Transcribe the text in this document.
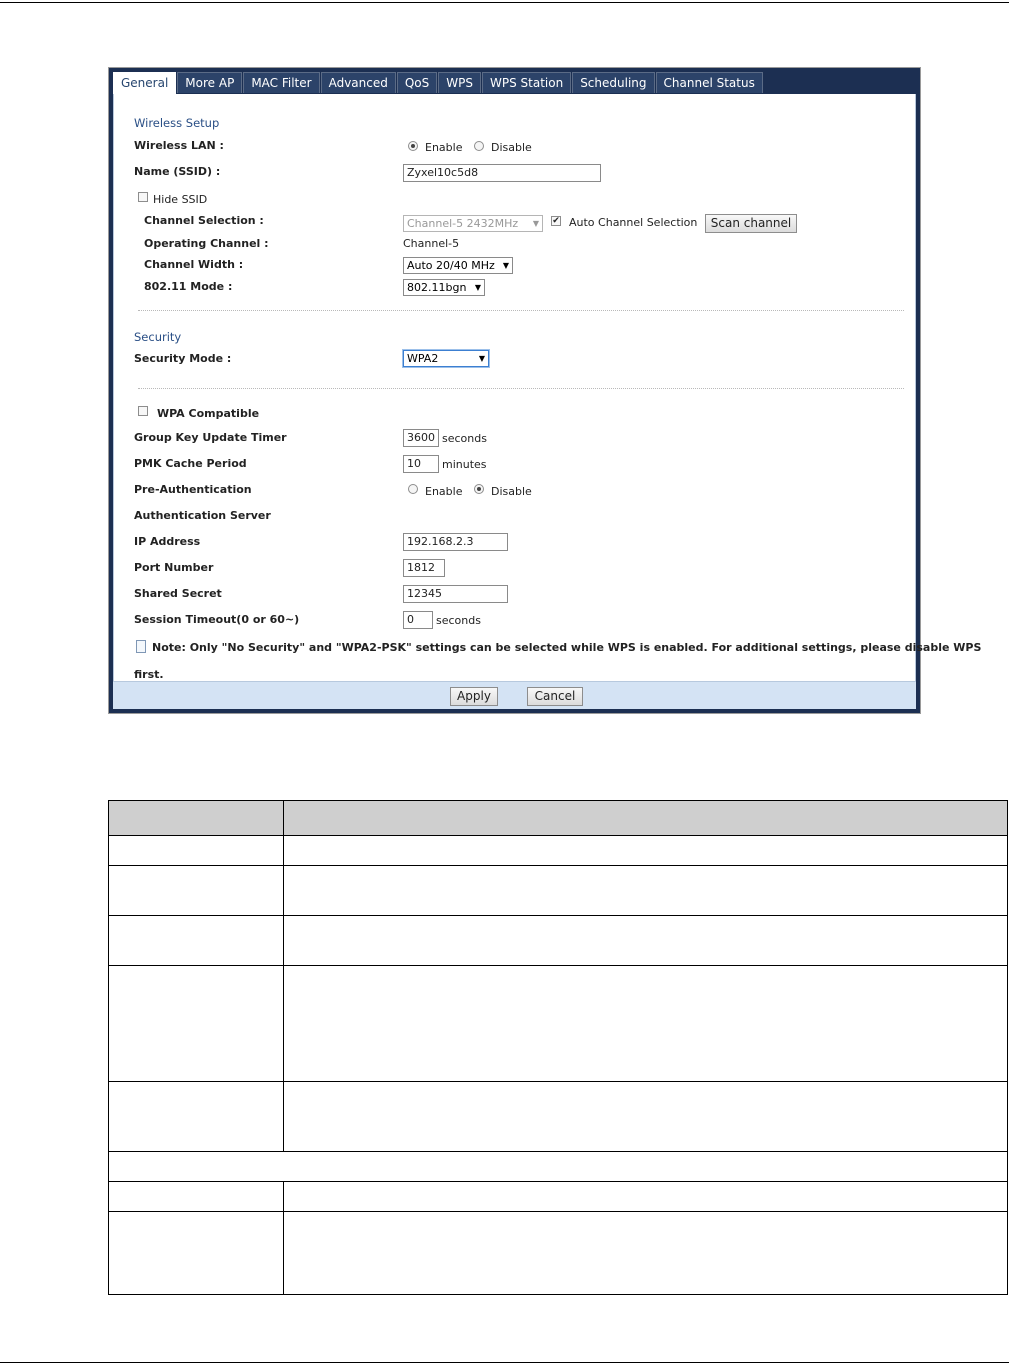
General	More AP	MAC Filter	Advanced	QoS	WPS	WPS Station	Scheduling	Channel Status
Wireless Setup
Wireless LAN :	Enable	Disable
Name (SSID) :	Zyxel10c5d8
Hide SSID
Channel Selection :	Channel-5 2432MHz ▼ ✔ Auto Channel Selection	Scan channel
Operating Channel :	Channel-5
Channel Width :	Auto 20/40 MHz ▼
802.11 Mode :	802.11bgn ▼
Security
Security Mode :	WPA2	▼
WPA Compatible
Group Key Update Timer	3600 seconds
PMK Cache Period	10	minutes
Pre-Authentication	Enable	Disable
Authentication Server
IP Address	192.168.2.3
Port Number	1812
Shared Secret	12345
Session Timeout(0 or 60~)	0	seconds
Note: Only "No Security" and "WPA2-PSK" settings can be selected while WPS is enabled. For additional settings, please disable WPS
first.
Apply	Cancel
